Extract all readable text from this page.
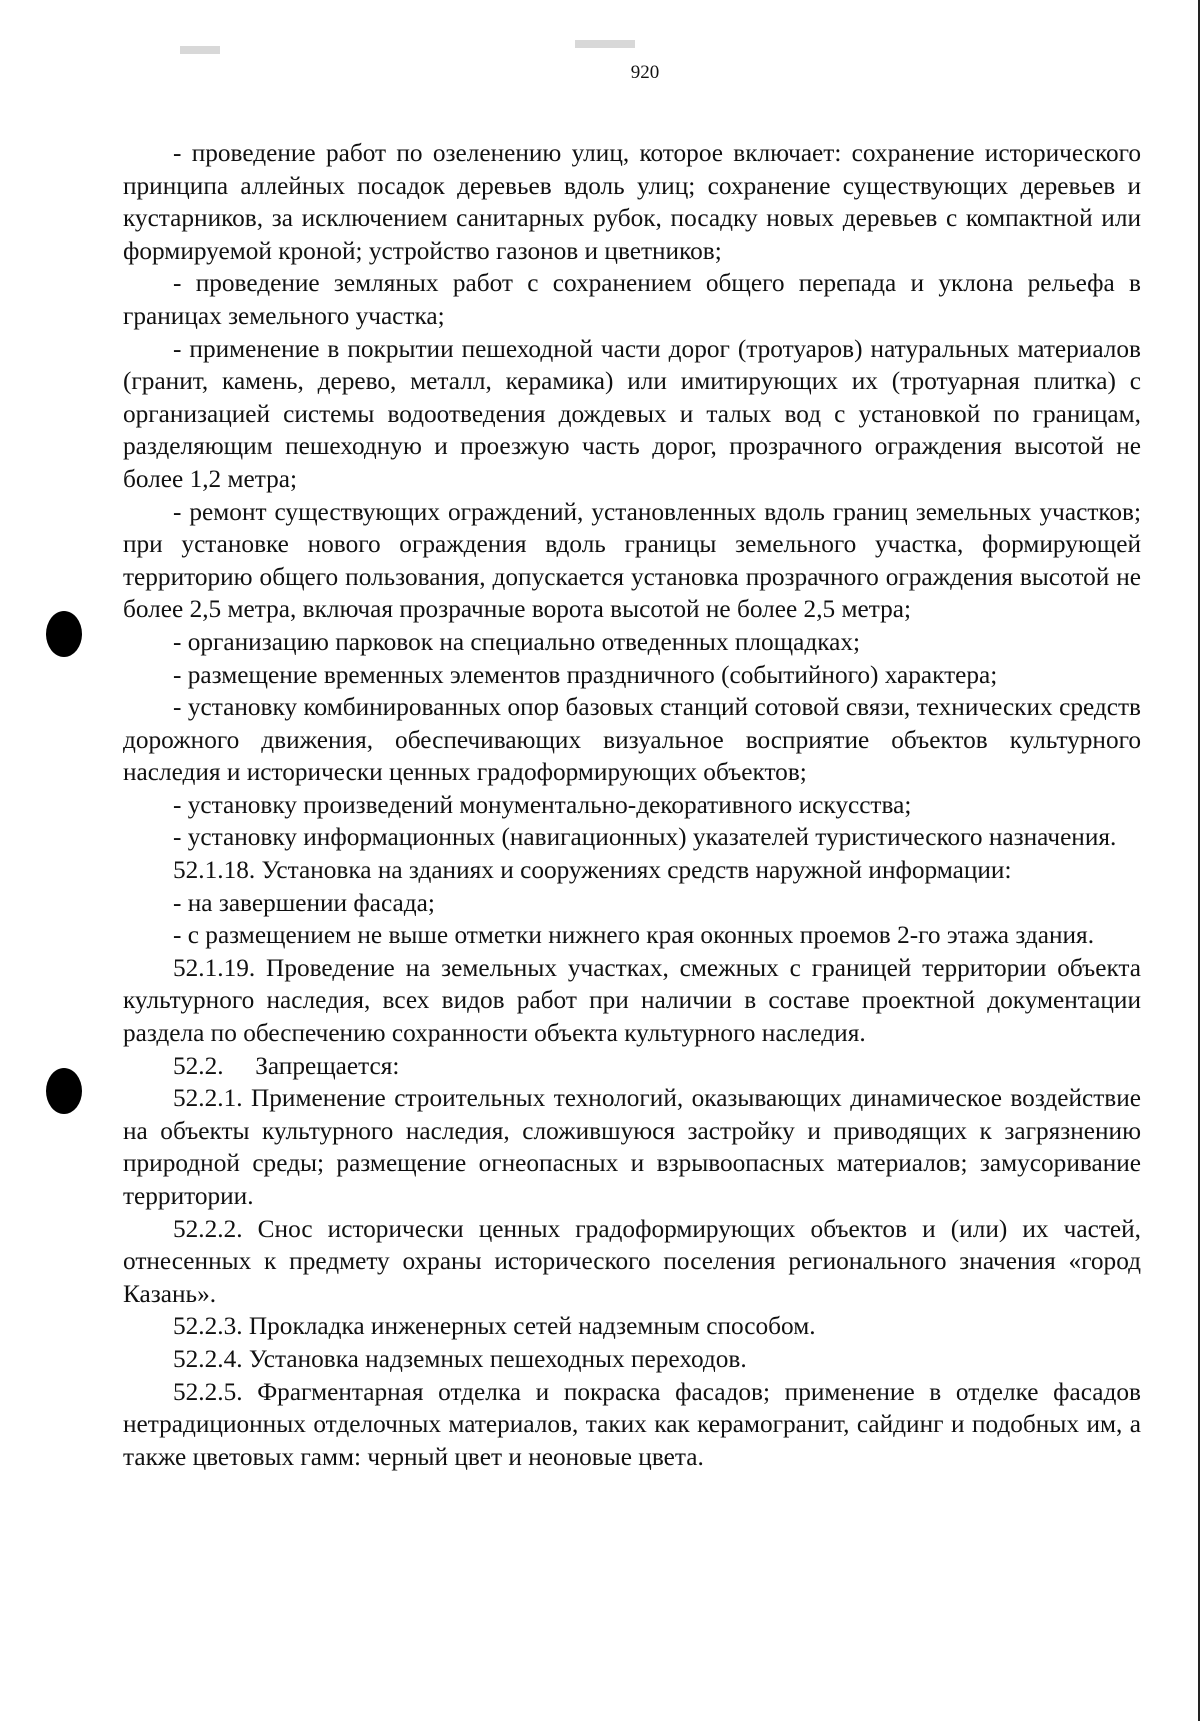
920

- проведение работ по озеленению улиц, которое включает: сохранение исторического принципа аллейных посадок деревьев вдоль улиц; сохранение существующих деревьев и кустарников, за исключением санитарных рубок, посадку новых деревьев с компактной или формируемой кроной; устройство газонов и цветников;

- проведение земляных работ с сохранением общего перепада и уклона рельефа в границах земельного участка;

- применение в покрытии пешеходной части дорог (тротуаров) натуральных материалов (гранит, камень, дерево, металл, керамика) или имитирующих их (тротуарная плитка) с организацией системы водоотведения дождевых и талых вод с установкой по границам, разделяющим пешеходную и проезжую часть дорог, прозрачного ограждения высотой не более 1,2 метра;

- ремонт существующих ограждений, установленных вдоль границ земельных участков; при установке нового ограждения вдоль границы земельного участка, формирующей территорию общего пользования, допускается установка прозрачного ограждения высотой не более 2,5 метра, включая прозрачные ворота высотой не более 2,5 метра;

- организацию парковок на специально отведенных площадках;

- размещение временных элементов праздничного (событийного) характера;

- установку комбинированных опор базовых станций сотовой связи, технических средств дорожного движения, обеспечивающих визуальное восприятие объектов культурного наследия и исторически ценных градоформирующих объектов;

- установку произведений монументально-декоративного искусства;

- установку информационных (навигационных) указателей туристического назначения.

52.1.18. Установка на зданиях и сооружениях средств наружной информации:

- на завершении фасада;

- с размещением не выше отметки нижнего края оконных проемов 2-го этажа здания.

52.1.19. Проведение на земельных участках, смежных с границей территории объекта культурного наследия, всех видов работ при наличии в составе проектной документации раздела по обеспечению сохранности объекта культурного наследия.

52.2.     Запрещается:

52.2.1. Применение строительных технологий, оказывающих динамическое воздействие на объекты культурного наследия, сложившуюся застройку и приводящих к загрязнению природной среды; размещение огнеопасных и взрывоопасных материалов; замусоривание территории.

52.2.2. Снос исторически ценных градоформирующих объектов и (или) их частей, отнесенных к предмету охраны исторического поселения регионального значения «город Казань».

52.2.3. Прокладка инженерных сетей надземным способом.

52.2.4. Установка надземных пешеходных переходов.

52.2.5. Фрагментарная отделка и покраска фасадов; применение в отделке фасадов нетрадиционных отделочных материалов, таких как керамогранит, сайдинг и подобных им, а также цветовых гамм: черный цвет и неоновые цвета.
